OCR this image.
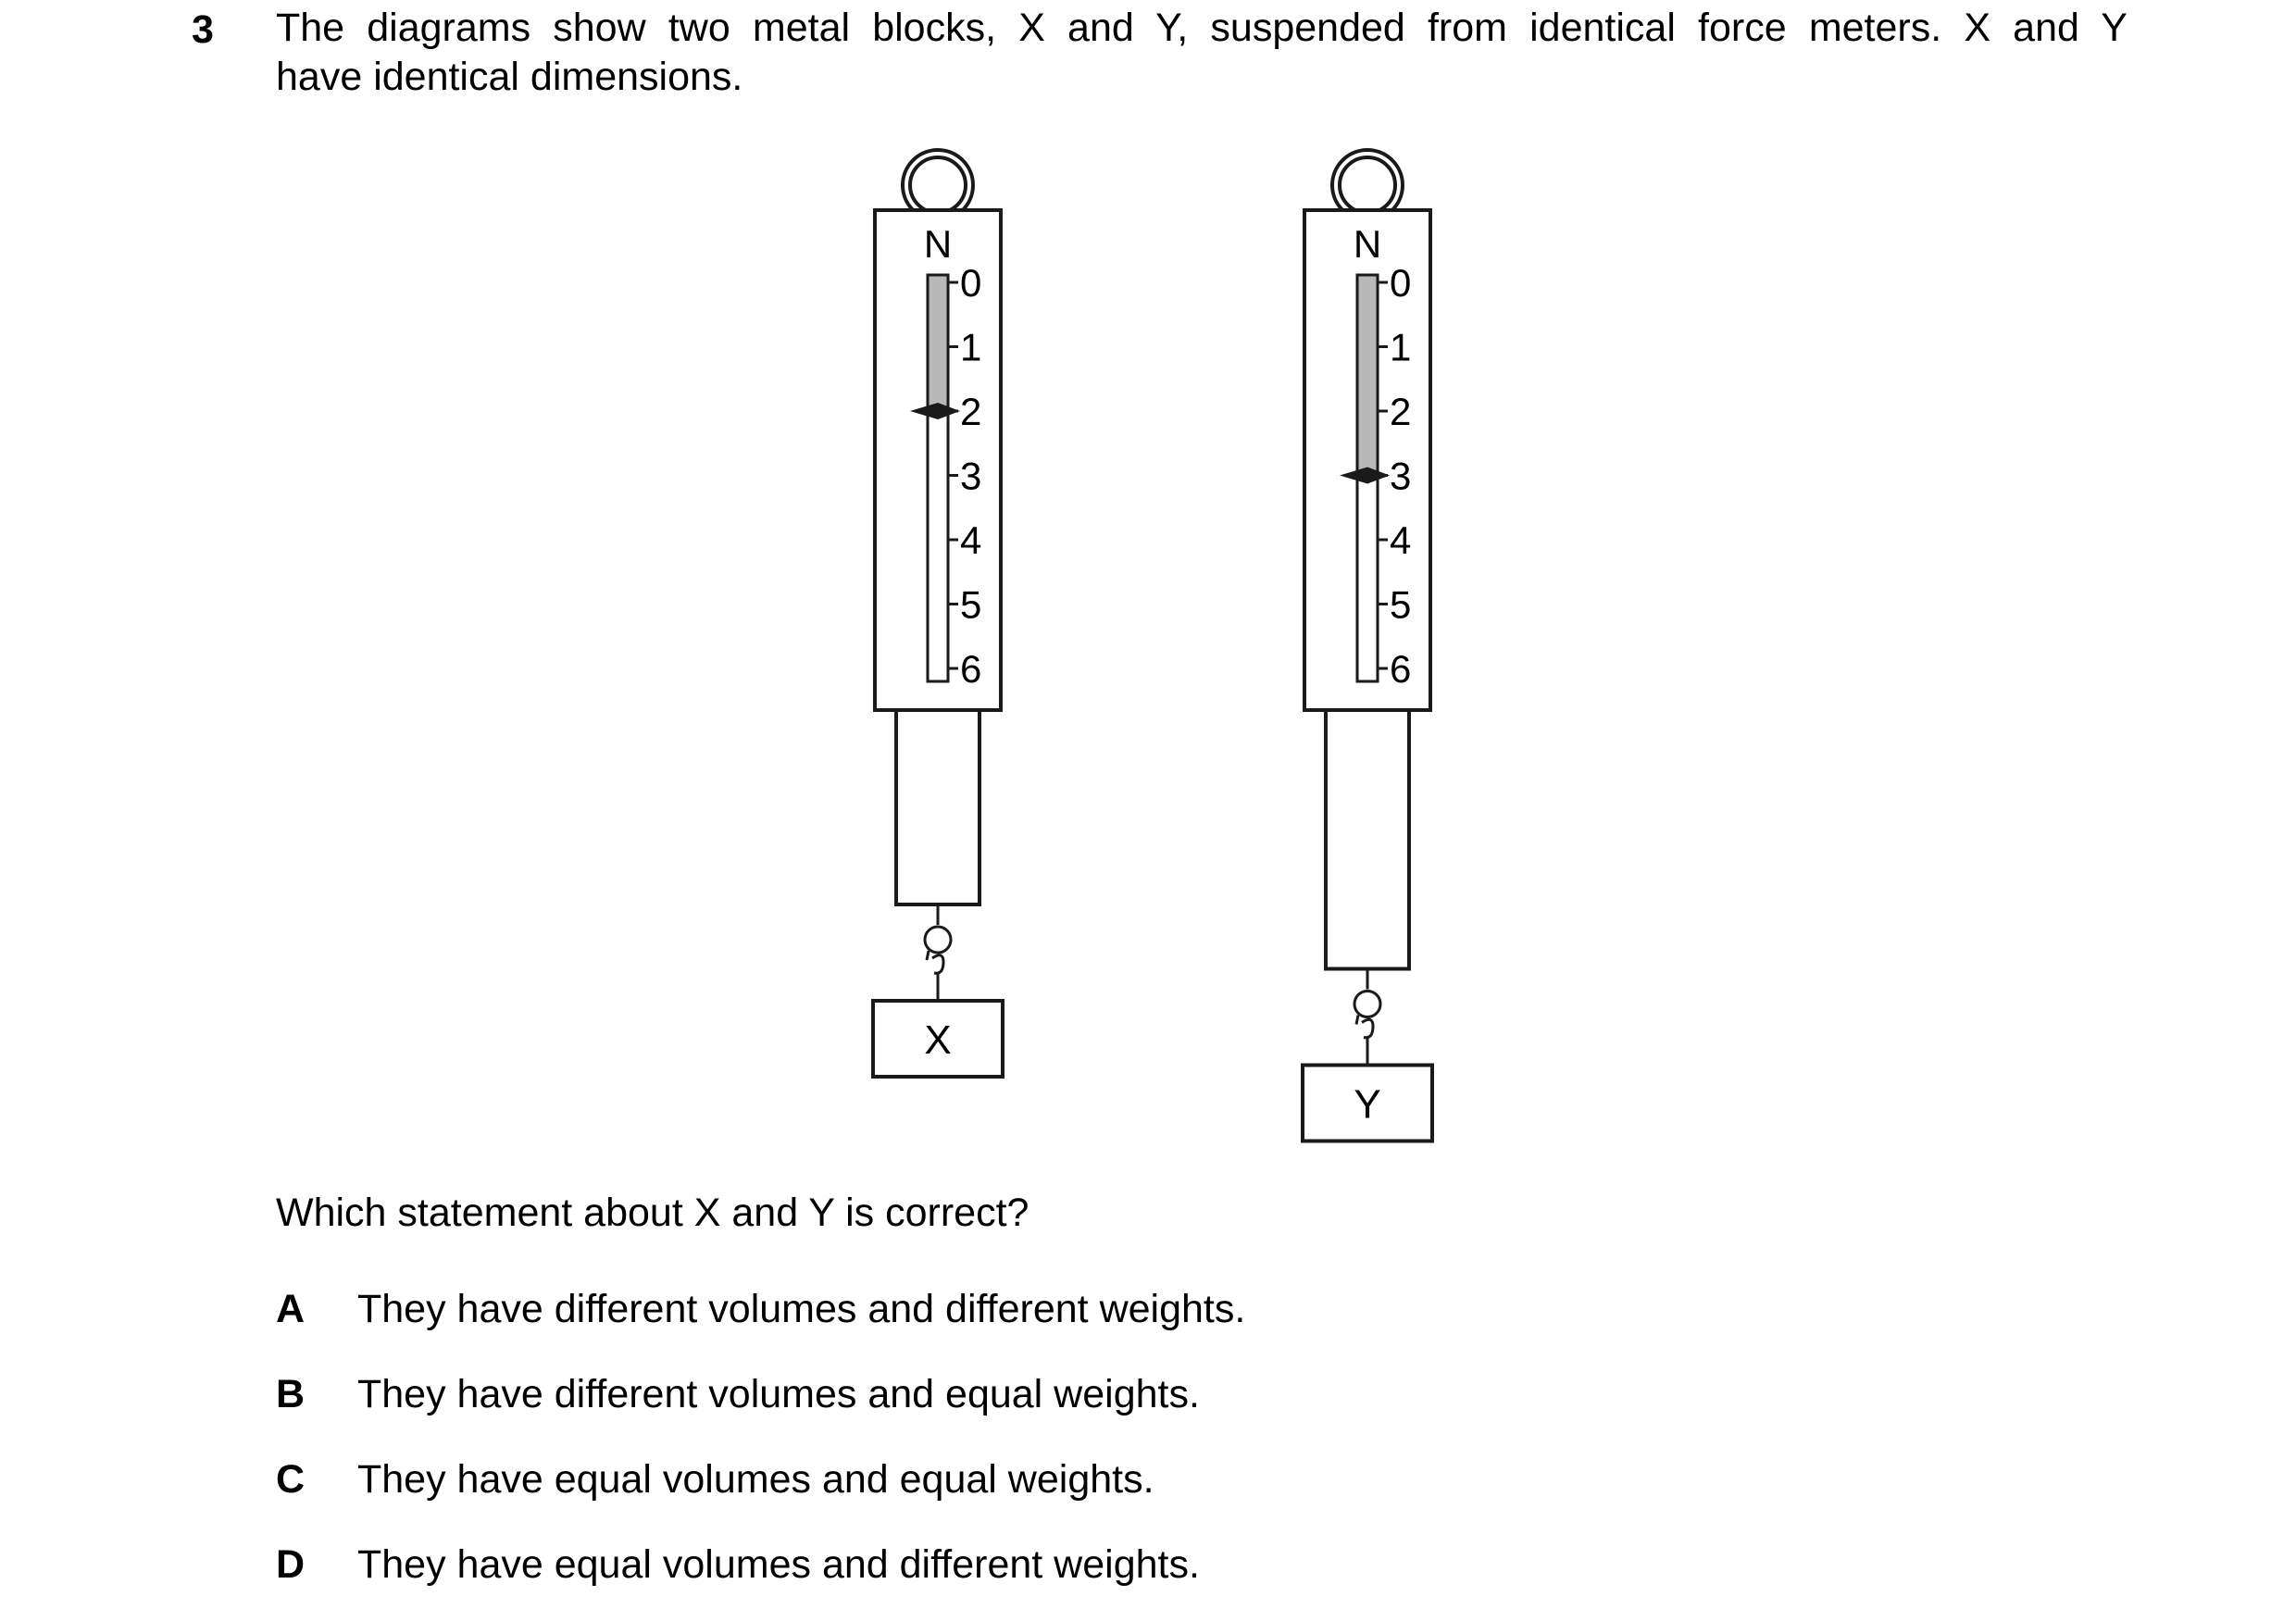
3 The diagrams show two metal blocks, X and Y, suspended from identical force meters. X and Y
have identical dimensions.
N
0
1
2
3
4
5
6
X
N
0
1
2
3
4
5
6
Y
Which statement about X and Y is correct?
A They have different volumes and different weights.
B They have different volumes and equal weights.
C They have equal volumes and equal weights.
D They have equal volumes and different weights.
